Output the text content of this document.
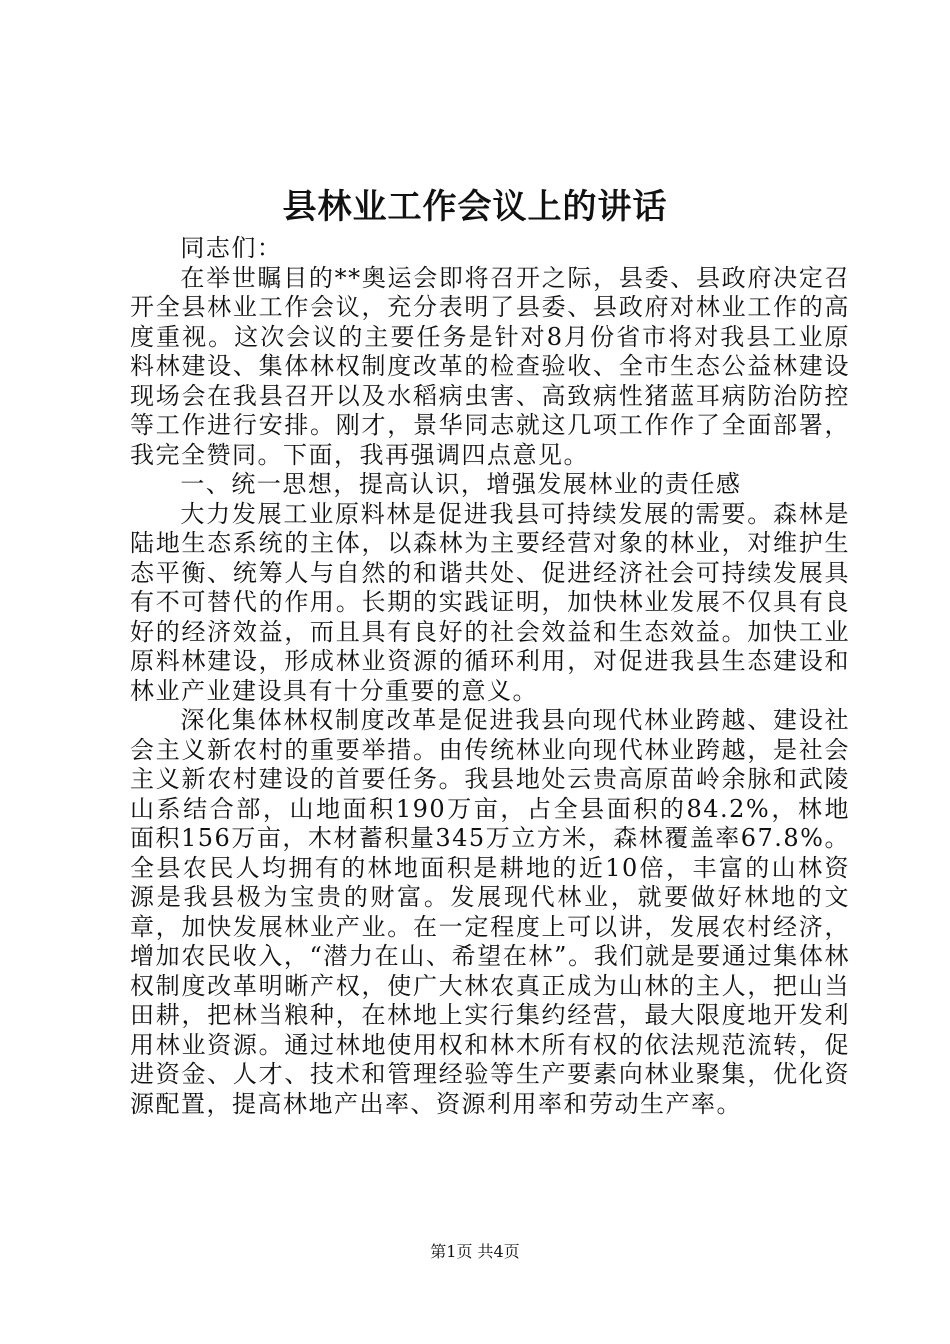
县林业工作会议上的讲话

同志们：

在举世瞩目的**奥运会即将召开之际，县委、县政府决定召开全县林业工作会议，充分表明了县委、县政府对林业工作的高度重视。这次会议的主要任务是针对8月份省市将对我县工业原料林建设、集体林权制度改革的检查验收、全市生态公益林建设现场会在我县召开以及水稻病虫害、高致病性猪蓝耳病防治防控等工作进行安排。刚才，景华同志就这几项工作作了全面部署，我完全赞同。下面，我再强调四点意见。

一、统一思想，提高认识，增强发展林业的责任感

大力发展工业原料林是促进我县可持续发展的需要。森林是陆地生态系统的主体，以森林为主要经营对象的林业，对维护生态平衡、统筹人与自然的和谐共处、促进经济社会可持续发展具有不可替代的作用。长期的实践证明，加快林业发展不仅具有良好的经济效益，而且具有良好的社会效益和生态效益。加快工业原料林建设，形成林业资源的循环利用，对促进我县生态建设和林业产业建设具有十分重要的意义。

深化集体林权制度改革是促进我县向现代林业跨越、建设社会主义新农村的重要举措。由传统林业向现代林业跨越，是社会主义新农村建设的首要任务。我县地处云贵高原苗岭余脉和武陵山系结合部，山地面积190万亩，占全县面积的84.2%，林地面积156万亩，木材蓄积量345万立方米，森林覆盖率67.8%。全县农民人均拥有的林地面积是耕地的近10倍，丰富的山林资源是我县极为宝贵的财富。发展现代林业，就要做好林地的文章，加快发展林业产业。在一定程度上可以讲，发展农村经济，增加农民收入，“潜力在山、希望在林”。我们就是要通过集体林权制度改革明晰产权，使广大林农真正成为山林的主人，把山当田耕，把林当粮种，在林地上实行集约经营，最大限度地开发利用林业资源。通过林地使用权和林木所有权的依法规范流转，促进资金、人才、技术和管理经验等生产要素向林业聚集，优化资源配置，提高林地产出率、资源利用率和劳动生产率。

第1页 共4页
